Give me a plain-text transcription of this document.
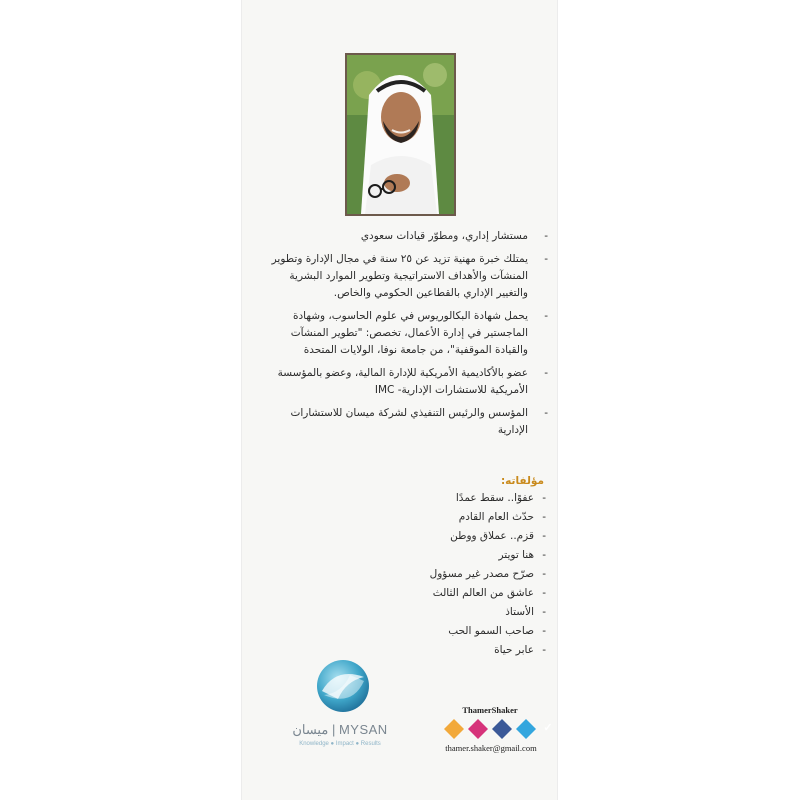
- مستشار إداري، ومطوّر قيادات سعودي
- يمتلك خبرة مهنية تزيد عن ٢٥ سنة في مجال الإدارة وتطوير المنشآت والأهداف الاستراتيجية وتطوير الموارد البشرية والتغيير الإداري بالقطاعين الحكومي والخاص.
- يحمل شهادة البكالوريوس في علوم الحاسوب، وشهادة الماجستير في إدارة الأعمال، تخصص: "تطوير المنشآت والقيادة الموقفية"، من جامعة نوفا، الولايات المتحدة
- عضو بالأكاديمية الأمريكية للإدارة المالية، وعضو بالمؤسسة الأمريكية للاستشارات الإدارية- IMC
- المؤسس والرئيس التنفيذي لشركة ميسان للاستشارات الإدارية
مؤلفاته:
- عفوًا.. سقط عمدًا
- حدّث العام القادم
- قزم.. عملاق ووطن
- هنا تويتر
- صرّح مصدر غير مسؤول
- عاشق من العالم الثالث
- الأستاذ
- صاحب السمو الحب
- عابر حياة
ميسان | MYSAN
Knowledge ● Impact ● Results
ThamerShaker
✓
thamer.shaker@gmail.com
